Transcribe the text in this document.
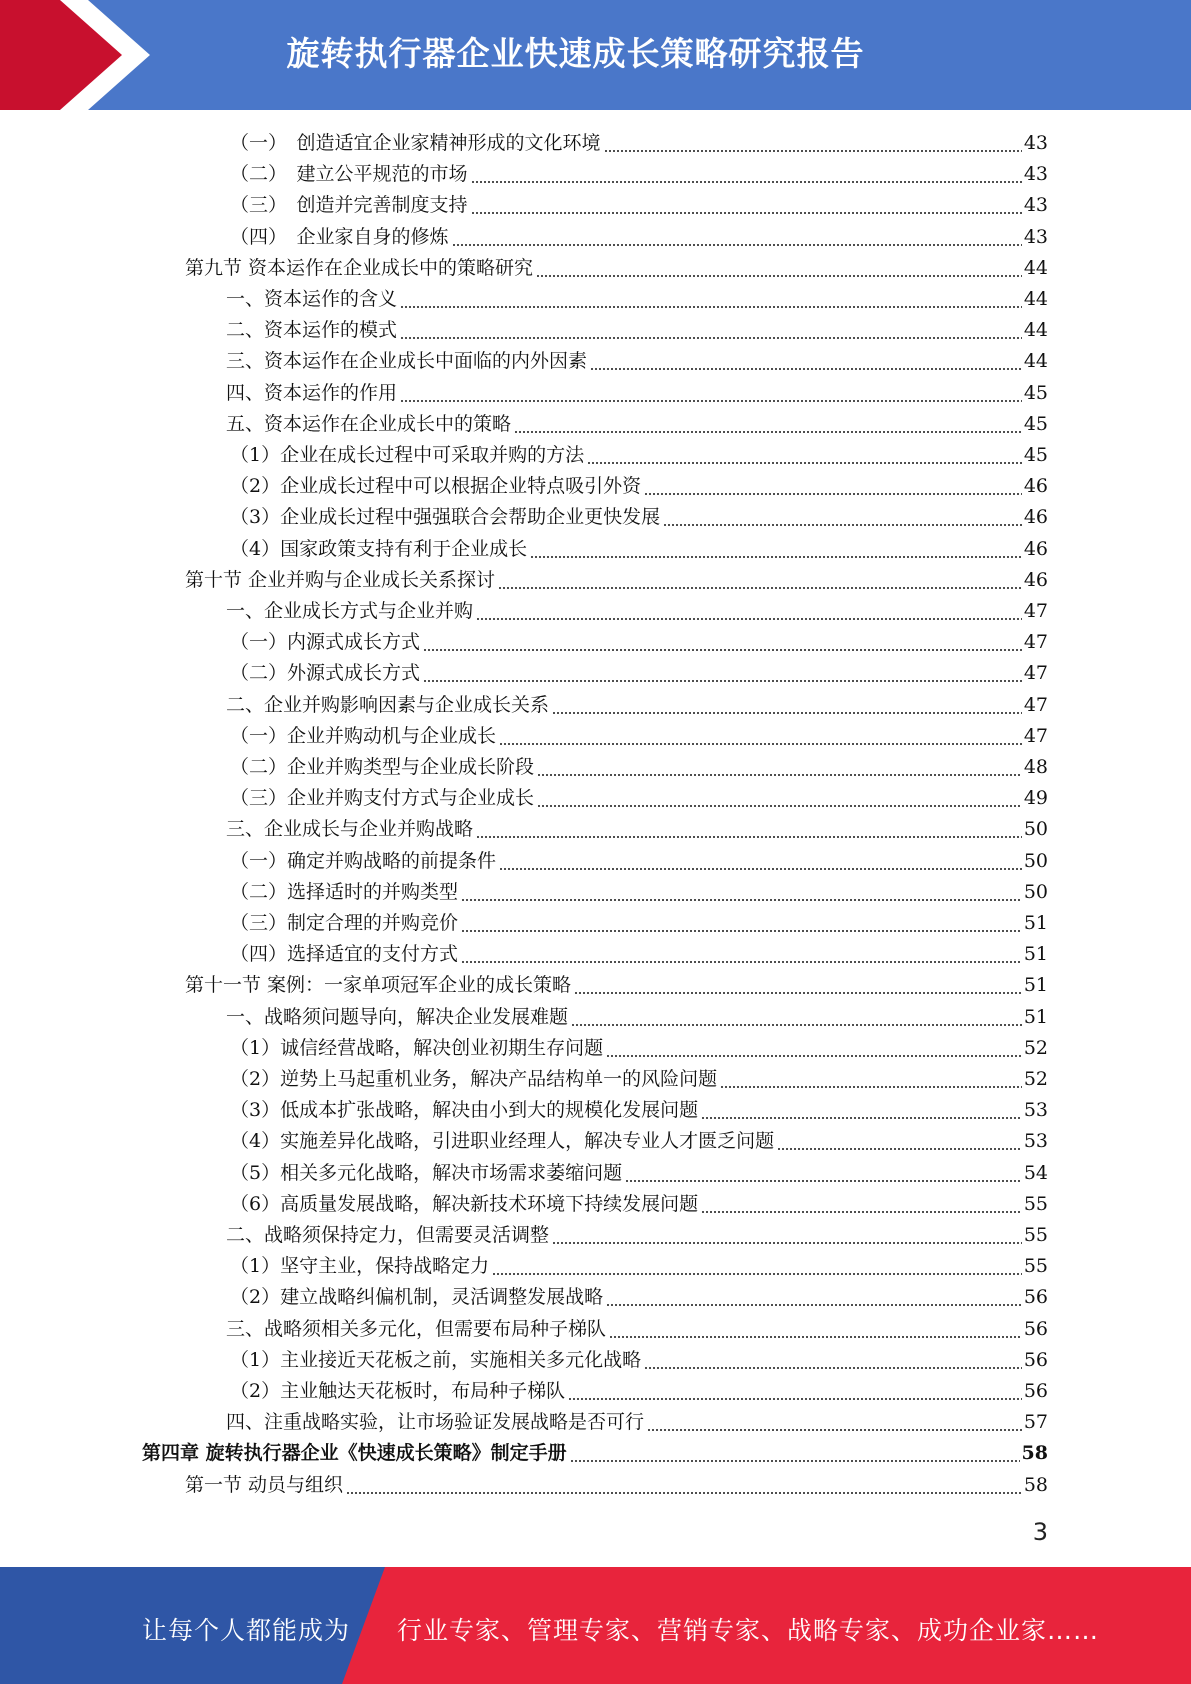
旋转执行器企业快速成长策略研究报告
（一）　创造适宜企业家精神形成的文化环境	43
（二）　建立公平规范的市场	43
（三）　创造并完善制度支持	43
（四）　企业家自身的修炼	43
第九节 资本运作在企业成长中的策略研究	44
一、资本运作的含义	44
二、资本运作的模式	44
三、资本运作在企业成长中面临的内外因素	44
四、资本运作的作用	45
五、资本运作在企业成长中的策略	45
（1）企业在成长过程中可采取并购的方法	45
（2）企业成长过程中可以根据企业特点吸引外资	46
（3）企业成长过程中强强联合会帮助企业更快发展	46
（4）国家政策支持有利于企业成长	46
第十节 企业并购与企业成长关系探讨	46
一、企业成长方式与企业并购	47
（一）内源式成长方式	47
（二）外源式成长方式	47
二、企业并购影响因素与企业成长关系	47
（一）企业并购动机与企业成长	47
（二）企业并购类型与企业成长阶段	48
（三）企业并购支付方式与企业成长	49
三、企业成长与企业并购战略	50
（一）确定并购战略的前提条件	50
（二）选择适时的并购类型	50
（三）制定合理的并购竞价	51
（四）选择适宜的支付方式	51
第十一节 案例：一家单项冠军企业的成长策略	51
一、战略须问题导向，解决企业发展难题	51
（1）诚信经营战略，解决创业初期生存问题	52
（2）逆势上马起重机业务，解决产品结构单一的风险问题	52
（3）低成本扩张战略，解决由小到大的规模化发展问题	53
（4）实施差异化战略，引进职业经理人，解决专业人才匮乏问题	53
（5）相关多元化战略，解决市场需求萎缩问题	54
（6）高质量发展战略，解决新技术环境下持续发展问题	55
二、战略须保持定力，但需要灵活调整	55
（1）坚守主业，保持战略定力	55
（2）建立战略纠偏机制，灵活调整发展战略	56
三、战略须相关多元化，但需要布局种子梯队	56
（1）主业接近天花板之前，实施相关多元化战略	56
（2）主业触达天花板时，布局种子梯队	56
四、注重战略实验，让市场验证发展战略是否可行	57
第四章 旋转执行器企业《快速成长策略》制定手册	58
第一节 动员与组织	58
3
让每个人都能成为 行业专家、管理专家、营销专家、战略专家、成功企业家……
